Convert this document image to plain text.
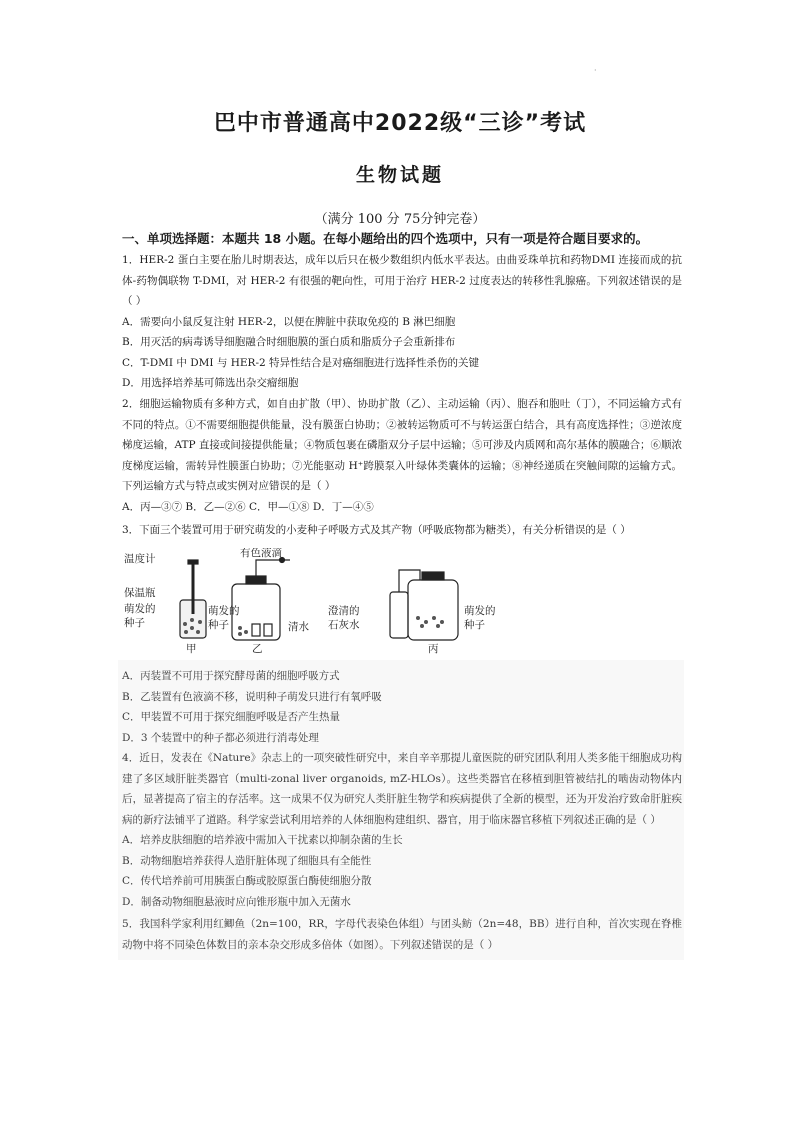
·
巴中市普通高中2022级“三诊”考试
生物试题
（满分 100 分 75分钟完卷）
一、单项选择题：本题共 18 小题。在每小题给出的四个选项中，只有一项是符合题目要求的。

1．HER-2 蛋白主要在胎儿时期表达，成年以后只在极少数组织内低水平表达。由曲妥珠单抗和药物DMI 连接而成的抗体-药物偶联物 T-DMI，对 HER-2 有很强的靶向性，可用于治疗 HER-2 过度表达的转移性乳腺癌。下列叙述错误的是（ ）

A．需要向小鼠反复注射 HER-2，以便在脾脏中获取免疫的 B 淋巴细胞
B．用灭活的病毒诱导细胞融合时细胞膜的蛋白质和脂质分子会重新排布
C．T-DMI 中 DMI 与 HER-2 特异性结合是对癌细胞进行选择性杀伤的关键
D．用选择培养基可筛选出杂交瘤细胞

2．细胞运输物质有多种方式，如自由扩散（甲）、协助扩散（乙）、主动运输（丙）、胞吞和胞吐（丁），不同运输方式有不同的特点。①不需要细胞提供能量，没有膜蛋白协助；②被转运物质可不与转运蛋白结合，具有高度选择性；③逆浓度梯度运输，ATP 直接或间接提供能量；④物质包裹在磷脂双分子层中运输；⑤可涉及内质网和高尔基体的膜融合；⑥顺浓度梯度运输，需转异性膜蛋白协助；⑦光能驱动 H⁺跨膜泵入叶绿体类囊体的运输；⑧神经递质在突触间隙的运输方式。下列运输方式与特点或实例对应错误的是（ ）

A．丙—③⑦ B．乙—②⑥ C．甲—①⑧ D．丁—④⑤
3．下面三个装置可用于研究萌发的小麦种子呼吸方式及其产物（呼吸底物都为糖类），有关分析错误的是（ ）
温度计
保温瓶
萌发的
种子
萌发的
种子
有色液滴
清水
澄清的
石灰水
萌发的
种子
甲	乙	丙
A．丙装置不可用于探究酵母菌的细胞呼吸方式
B．乙装置有色液滴不移，说明种子萌发只进行有氧呼吸
C．甲装置不可用于探究细胞呼吸是否产生热量
D．3 个装置中的种子都必须进行消毒处理

4．近日，发表在《Nature》杂志上的一项突破性研究中，来自辛辛那提儿童医院的研究团队利用人类多能干细胞成功构建了多区域肝脏类器官（multi-zonal liver organoids, mZ-HLOs）。这些类器官在移植到胆管被结扎的啮齿动物体内后，显著提高了宿主的存活率。这一成果不仅为研究人类肝脏生物学和疾病提供了全新的模型，还为开发治疗致命肝脏疾病的新疗法铺平了道路。科学家尝试利用培养的人体细胞构建组织、器官，用于临床器官移植下列叙述正确的是（ ）

A．培养皮肤细胞的培养液中需加入干扰素以抑制杂菌的生长
B．动物细胞培养获得人造肝脏体现了细胞具有全能性
C．传代培养前可用胰蛋白酶或胶原蛋白酶使细胞分散
D．制备动物细胞悬液时应向锥形瓶中加入无菌水

5．我国科学家利用红鲫鱼（2n=100，RR，字母代表染色体组）与团头鲂（2n=48，BB）进行自种，首次实现在脊椎动物中将不同染色体数目的亲本杂交形成多倍体（如图）。下列叙述错误的是（ ）
